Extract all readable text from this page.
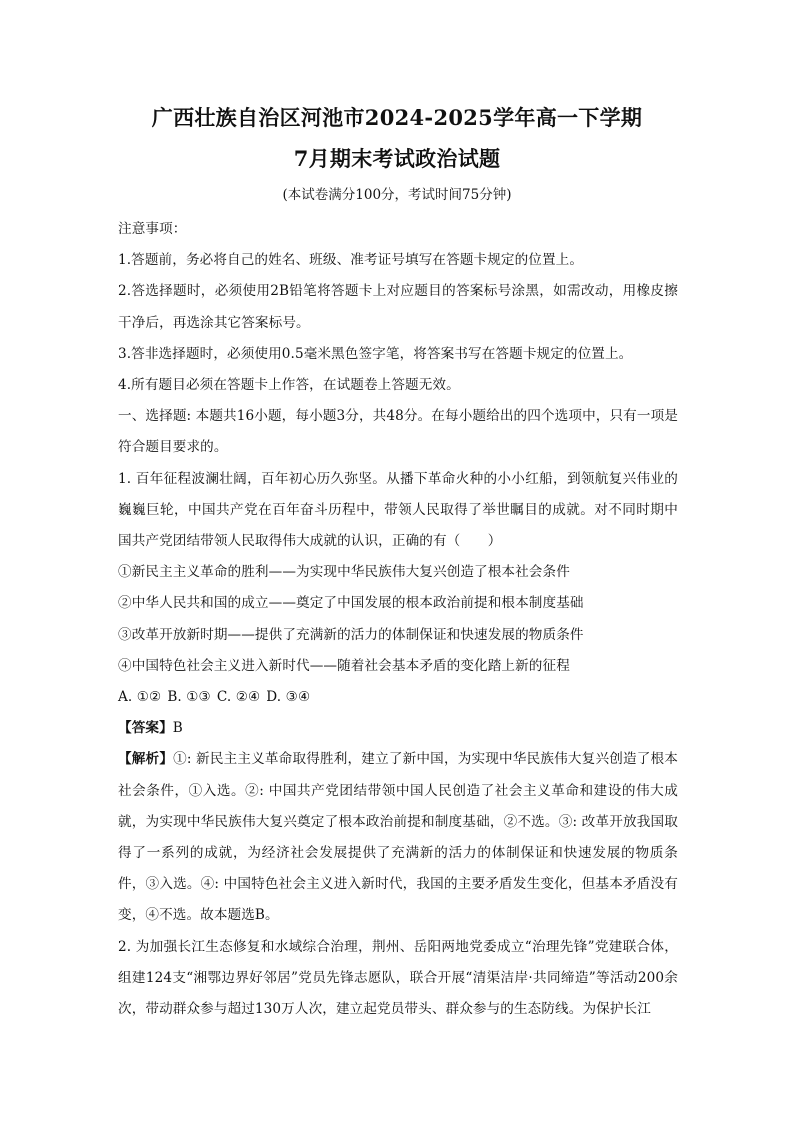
广西壮族自治区河池市2024-2025学年高一下学期
7月期末考试政治试题
(本试卷满分100分，考试时间75分钟)

注意事项：

1.答题前，务必将自己的姓名、班级、准考证号填写在答题卡规定的位置上。

2.答选择题时，必须使用2B铅笔将答题卡上对应题目的答案标号涂黑，如需改动，用橡皮擦干净后，再选涂其它答案标号。

3.答非选择题时，必须使用0.5毫米黑色签字笔，将答案书写在答题卡规定的位置上。

4.所有题目必须在答题卡上作答，在试题卷上答题无效。

一、选择题: 本题共16小题，每小题3分，共48分。在每小题给出的四个选项中，只有一项是符合题目要求的。

1. 百年征程波澜壮阔，百年初心历久弥坚。从播下革命火种的小小红船，到领航复兴伟业的巍巍巨轮，中国共产党在百年奋斗历程中，带领人民取得了举世瞩目的成就。对不同时期中国共产党团结带领人民取得伟大成就的认识，正确的有（　　）

①新民主主义革命的胜利——为实现中华民族伟大复兴创造了根本社会条件

②中华人民共和国的成立——奠定了中国发展的根本政治前提和根本制度基础

③改革开放新时期——提供了充满新的活力的体制保证和快速发展的物质条件

④中国特色社会主义进入新时代——随着社会基本矛盾的变化踏上新的征程

A. ①② B. ①③ C. ②④ D. ③④

【答案】B

【解析】①: 新民主主义革命取得胜利，建立了新中国，为实现中华民族伟大复兴创造了根本社会条件，①入选。②: 中国共产党团结带领中国人民创造了社会主义革命和建设的伟大成就，为实现中华民族伟大复兴奠定了根本政治前提和制度基础，②不选。③: 改革开放我国取得了一系列的成就，为经济社会发展提供了充满新的活力的体制保证和快速发展的物质条件，③入选。④: 中国特色社会主义进入新时代，我国的主要矛盾发生变化，但基本矛盾没有变，④不选。故本题选B。

2. 为加强长江生态修复和水域综合治理，荆州、岳阳两地党委成立“治理先锋”党建联合体，组建124支“湘鄂边界好邻居”党员先锋志愿队，联合开展“清渠洁岸·共同缔造”等活动200余次，带动群众参与超过130万人次，建立起党员带头、群众参与的生态防线。为保护长江
